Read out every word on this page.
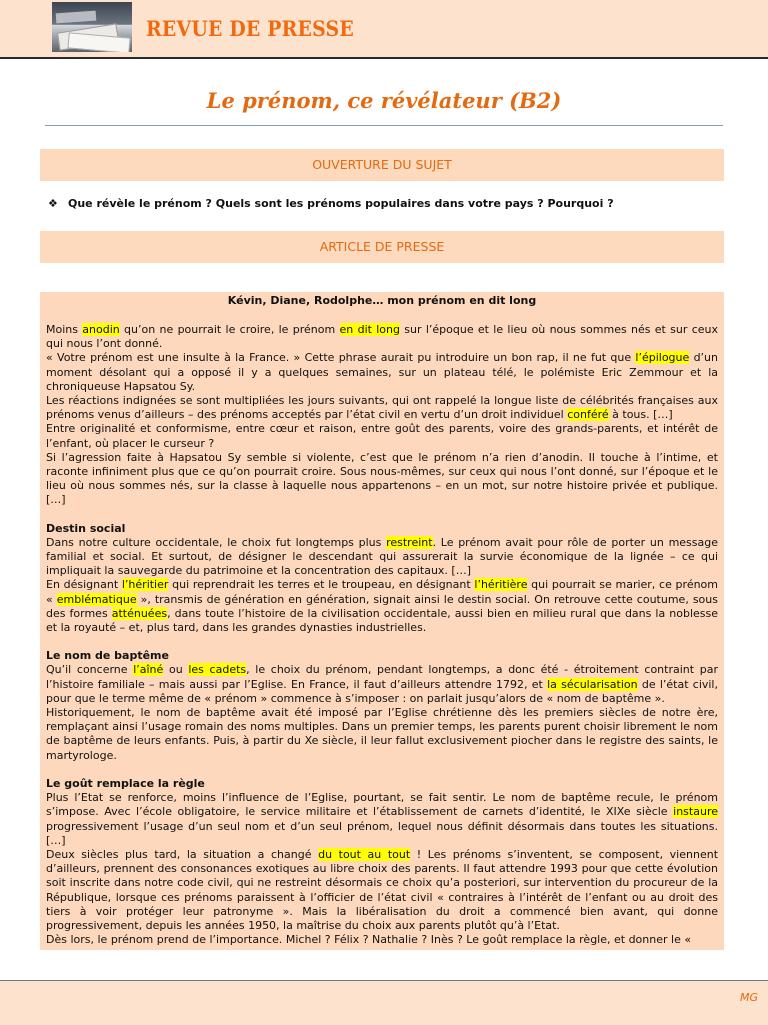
REVUE DE PRESSE
Le prénom, ce révélateur (B2)
OUVERTURE DU SUJET
❖ Que révèle le prénom ? Quels sont les prénoms populaires dans votre pays ? Pourquoi ?
ARTICLE DE PRESSE
Kévin, Diane, Rodolphe… mon prénom en dit long

Moins anodin qu’on ne pourrait le croire, le prénom en dit long sur l’époque et le lieu où nous sommes nés et sur ceux qui nous l’ont donné.

« Votre prénom est une insulte à la France. » Cette phrase aurait pu introduire un bon rap, il ne fut que l’épilogue d’un moment désolant qui a opposé il y a quelques semaines, sur un plateau télé, le polémiste Eric Zemmour et la chroniqueuse Hapsatou Sy.

Les réactions indignées se sont multipliées les jours suivants, qui ont rappelé la longue liste de célébrités françaises aux prénoms venus d’ailleurs – des prénoms acceptés par l’état civil en vertu d’un droit individuel conféré à tous. […]

Entre originalité et conformisme, entre cœur et raison, entre goût des parents, voire des grands-parents, et intérêt de l’enfant, où placer le curseur ?

Si l’agression faite à Hapsatou Sy semble si violente, c’est que le prénom n’a rien d’anodin. Il touche à l’intime, et raconte infiniment plus que ce qu’on pourrait croire. Sous nous-mêmes, sur ceux qui nous l’ont donné, sur l’époque et le lieu où nous sommes nés, sur la classe à laquelle nous appartenons – en un mot, sur notre histoire privée et publique. […]

Destin social

Dans notre culture occidentale, le choix fut longtemps plus restreint. Le prénom avait pour rôle de porter un message familial et social. Et surtout, de désigner le descendant qui assurerait la survie économique de la lignée – ce qui impliquait la sauvegarde du patrimoine et la concentration des capitaux. […]

En désignant l’héritier qui reprendrait les terres et le troupeau, en désignant l’héritière qui pourrait se marier, ce prénom « emblématique », transmis de génération en génération, signait ainsi le destin social. On retrouve cette coutume, sous des formes atténuées, dans toute l’histoire de la civilisation occidentale, aussi bien en milieu rural que dans la noblesse et la royauté – et, plus tard, dans les grandes dynasties industrielles.

Le nom de baptême

Qu’il concerne l’aîné ou les cadets, le choix du prénom, pendant longtemps, a donc été - étroitement contraint par l’histoire familiale – mais aussi par l’Eglise. En France, il faut d’ailleurs attendre 1792, et la sécularisation de l’état civil, pour que le terme même de « prénom » commence à s’imposer : on parlait jusqu’alors de « nom de baptême ».

Historiquement, le nom de baptême avait été imposé par l’Eglise chrétienne dès les premiers siècles de notre ère, remplaçant ainsi l’usage romain des noms multiples. Dans un premier temps, les parents purent choisir librement le nom de baptême de leurs enfants. Puis, à partir du Xe siècle, il leur fallut exclusivement piocher dans le registre des saints, le martyrologe.

Le goût remplace la règle

Plus l’Etat se renforce, moins l’influence de l’Eglise, pourtant, se fait sentir. Le nom de baptême recule, le prénom s’impose. Avec l’école obligatoire, le service militaire et l’établissement de carnets d’identité, le XIXe siècle instaure progressivement l’usage d’un seul nom et d’un seul prénom, lequel nous définit désormais dans toutes les situations. […]

Deux siècles plus tard, la situation a changé du tout au tout ! Les prénoms s’inventent, se composent, viennent d’ailleurs, prennent des consonances exotiques au libre choix des parents. Il faut attendre 1993 pour que cette évolution soit inscrite dans notre code civil, qui ne restreint désormais ce choix qu’a posteriori, sur intervention du procureur de la République, lorsque ces prénoms paraissent à l’officier de l’état civil « contraires à l’intérêt de l’enfant ou au droit des tiers à voir protéger leur patronyme ». Mais la libéralisation du droit a commencé bien avant, qui donne progressivement, depuis les années 1950, la maîtrise du choix aux parents plutôt qu’à l’Etat.

Dès lors, le prénom prend de l’importance. Michel ? Félix ? Nathalie ? Inès ? Le goût remplace la règle, et donner le «

MG
